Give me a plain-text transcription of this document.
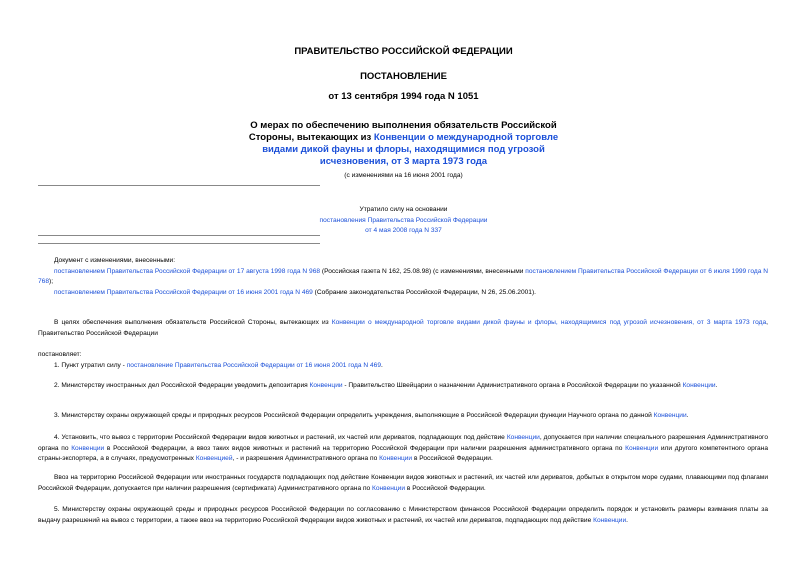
ПРАВИТЕЛЬСТВО РОССИЙСКОЙ ФЕДЕРАЦИИ
ПОСТАНОВЛЕНИЕ
от 13 сентября 1994 года N 1051
О мерах по обеспечению выполнения обязательств Российской
Стороны, вытекающих из Конвенции о международной торговле
видами дикой фауны и флоры, находящимися под угрозой
исчезновения, от 3 марта 1973 года
(с изменениями на 16 июня 2001 года)
Утратило силу на основании
постановления Правительства Российской Федерации
от 4 мая 2008 года N 337

Документ с изменениями, внесенными:

постановлением Правительства Российской Федерации от 17 августа 1998 года N 968 (Российская газета N 162, 25.08.98) (с изменениями, внесенными постановлением Правительства Российской Федерации от 6 июля 1999 года N 768);

постановлением Правительства Российской Федерации от 16 июня 2001 года N 469 (Собрание законодательства Российской Федерации, N 26, 25.06.2001).

В целях обеспечения выполнения обязательств Российской Стороны, вытекающих из Конвенции о международной торговле видами дикой фауны и флоры, находящимися под угрозой исчезновения, от 3 марта 1973 года, Правительство Российской Федерации
постановляет:
1. Пункт утратил силу - постановление Правительства Российской Федерации от 16 июня 2001 года N 469.
2. Министерству иностранных дел Российской Федерации уведомить депозитария Конвенции - Правительство Швейцарии о назначении Административного органа в Российской Федерации по указанной Конвенции.
3. Министерству охраны окружающей среды и природных ресурсов Российской Федерации определить учреждения, выполняющие в Российской Федерации функции Научного органа по данной Конвенции.
4. Установить, что вывоз с территории Российской Федерации видов животных и растений, их частей или дериватов, подпадающих под действие Конвенции, допускается при наличии специального разрешения Административного органа по Конвенции в Российской Федерации, а ввоз таких видов животных и растений на территорию Российской Федерации при наличии разрешения административного органа по Конвенции или другого компетентного органа страны-экспортера, а в случаях, предусмотренных Конвенцией, - и разрешения Административного органа по Конвенции в Российской Федерации.
Ввоз на территорию Российской Федерации или иностранных государств подпадающих под действие Конвенции видов животных и растений, их частей или дериватов, добытых в открытом море судами, плавающими под флагами Российской Федерации, допускается при наличии разрешения (сертификата) Административного органа по Конвенции в Российской Федерации.
5. Министерству охраны окружающей среды и природных ресурсов Российской Федерации по согласованию с Министерством финансов Российской Федерации определить порядок и установить размеры взимания платы за выдачу разрешений на вывоз с территории, а также ввоз на территорию Российской Федерации видов животных и растений, их частей или дериватов, подпадающих под действие Конвенции.
